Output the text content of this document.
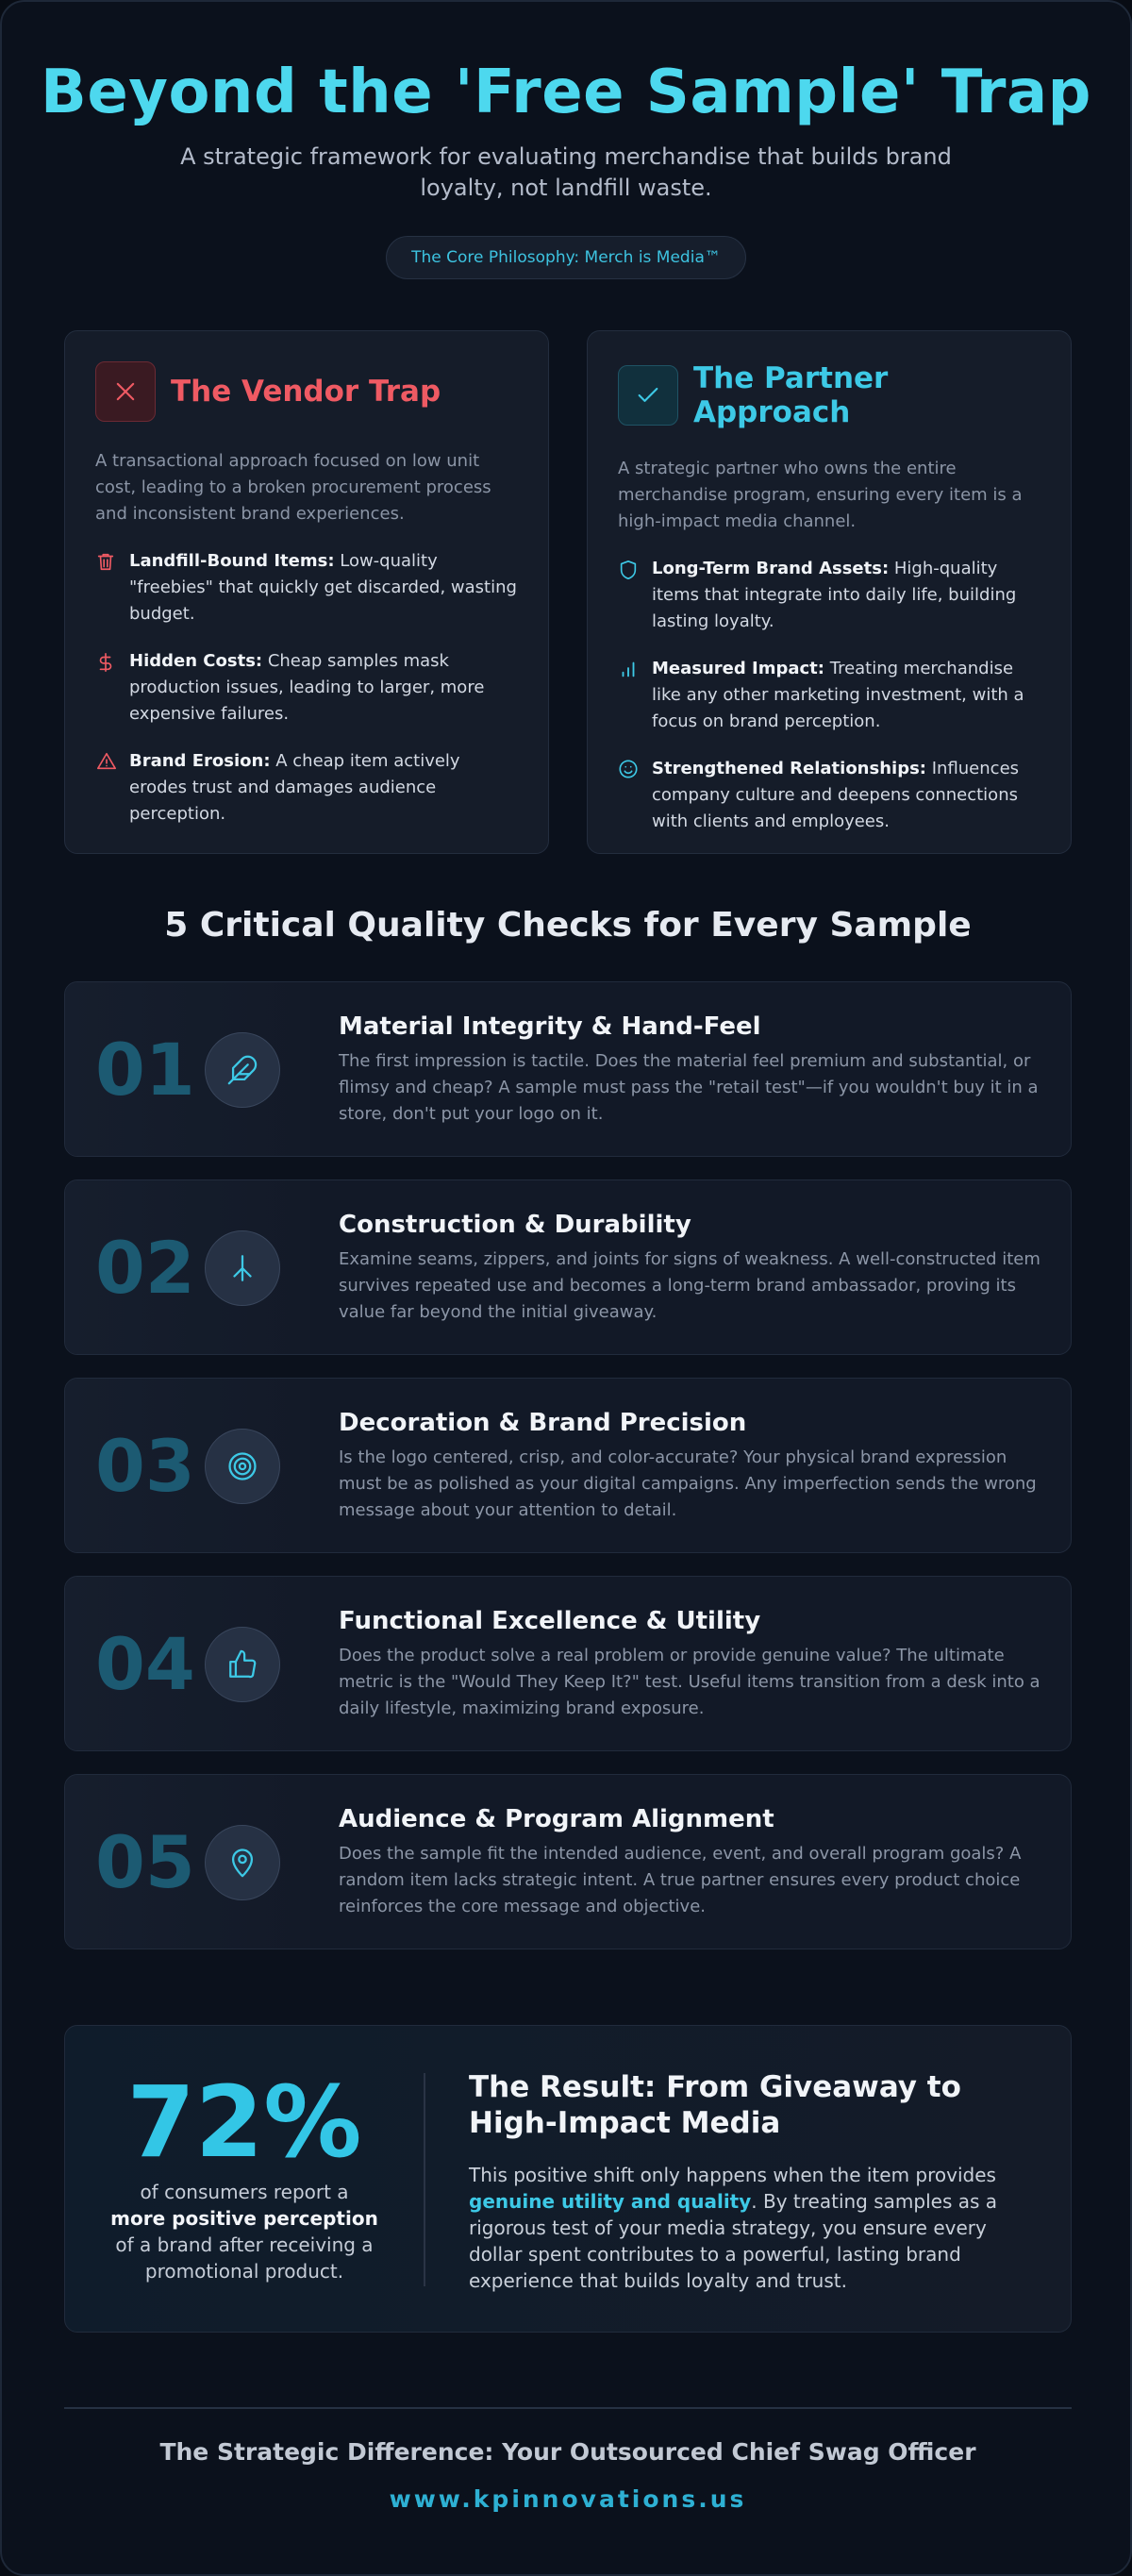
Beyond the 'Free Sample' Trap

A strategic framework for evaluating merchandise that builds brand loyalty, not landfill waste.

The Core Philosophy: Merch is Media™
The Vendor Trap

A transactional approach focused on low unit cost, leading to a broken procurement process and inconsistent brand experiences.

Landfill-Bound Items: Low-quality "freebies" that quickly get discarded, wasting budget.

Hidden Costs: Cheap samples mask production issues, leading to larger, more expensive failures.

Brand Erosion: A cheap item actively erodes trust and damages audience perception.

The Partner Approach

A strategic partner who owns the entire merchandise program, ensuring every item is a high-impact media channel.

Long-Term Brand Assets: High-quality items that integrate into daily life, building lasting loyalty.

Measured Impact: Treating merchandise like any other marketing investment, with a focus on brand perception.

Strengthened Relationships: Influences company culture and deepens connections with clients and employees.

5 Critical Quality Checks for Every Sample
01
Material Integrity & Hand-Feel

The first impression is tactile. Does the material feel premium and substantial, or flimsy and cheap? A sample must pass the "retail test"—if you wouldn't buy it in a store, don't put your logo on it.

02
Construction & Durability

Examine seams, zippers, and joints for signs of weakness. A well-constructed item survives repeated use and becomes a long-term brand ambassador, proving its value far beyond the initial giveaway.

03
Decoration & Brand Precision

Is the logo centered, crisp, and color-accurate? Your physical brand expression must be as polished as your digital campaigns. Any imperfection sends the wrong message about your attention to detail.

04
Functional Excellence & Utility

Does the product solve a real problem or provide genuine value? The ultimate metric is the "Would They Keep It?" test. Useful items transition from a desk into a daily lifestyle, maximizing brand exposure.

05
Audience & Program Alignment

Does the sample fit the intended audience, event, and overall program goals? A random item lacks strategic intent. A true partner ensures every product choice reinforces the core message and objective.

72%

of consumers report a
more positive perception
of a brand after receiving a promotional product.

The Result: From Giveaway to High-Impact Media

This positive shift only happens when the item provides genuine utility and quality. By treating samples as a rigorous test of your media strategy, you ensure every dollar spent contributes to a powerful, lasting brand experience that builds loyalty and trust.

The Strategic Difference: Your Outsourced Chief Swag Officer
www.kpinnovations.us
